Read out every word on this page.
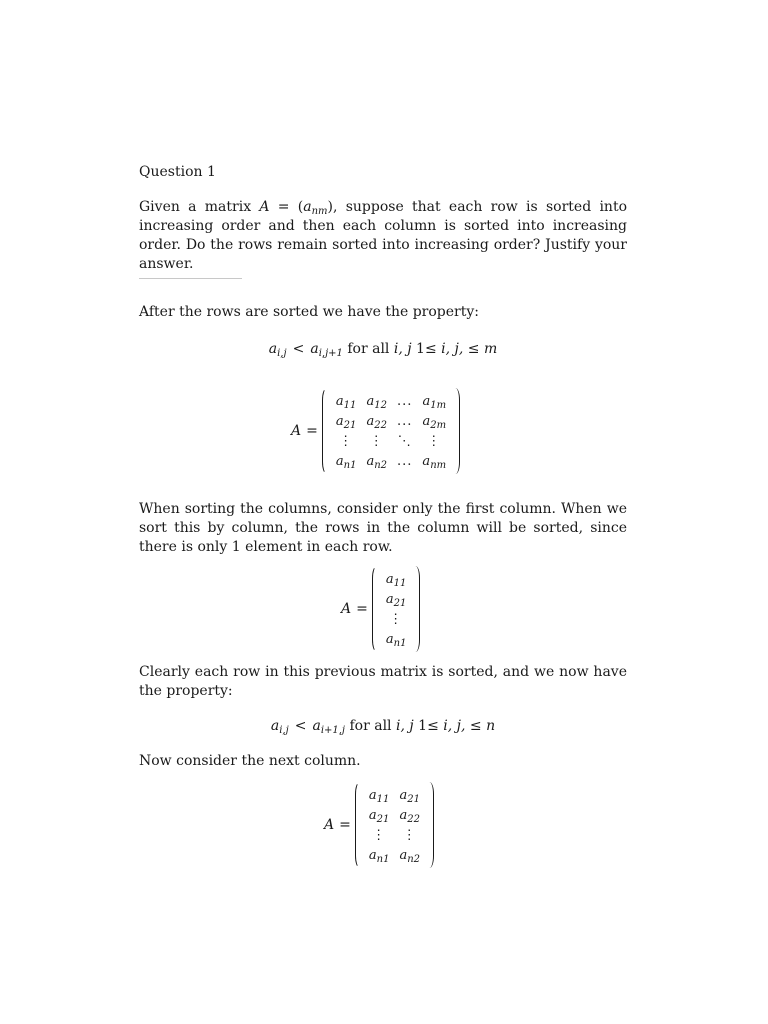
Question 1
Given a matrix $A = (a_{nm})$, suppose that each row is sorted into increasing order and then each column is sorted into increasing order. Do the rows remain sorted into increasing order? Justify your answer.
After the rows are sorted we have the property:
$a_{i,j} < a_{i,j+1}$ for all i, j 1≤ i, j, ≤ m
A =
$a_{11}$	$a_{12}$	...	$a_{1m}$
$a_{21}$	$a_{22}$	...	$a_{2m}$
⋮	⋮	⋱	⋮
$a_{n1}$	$a_{n2}$	...	$a_{nm}$
When sorting the columns, consider only the first column. When we sort this by column, the rows in the column will be sorted, since there is only 1 element in each row.
A =
$a_{11}$
$a_{21}$
⋮
$a_{n1}$
Clearly each row in this previous matrix is sorted, and we now have the property:
$a_{i,j} < a_{i+1,j}$ for all i, j 1≤ i, j, ≤ n
Now consider the next column.
A =
$a_{11}$	$a_{21}$
$a_{21}$	$a_{22}$
⋮	⋮
$a_{n1}$	$a_{n2}$
